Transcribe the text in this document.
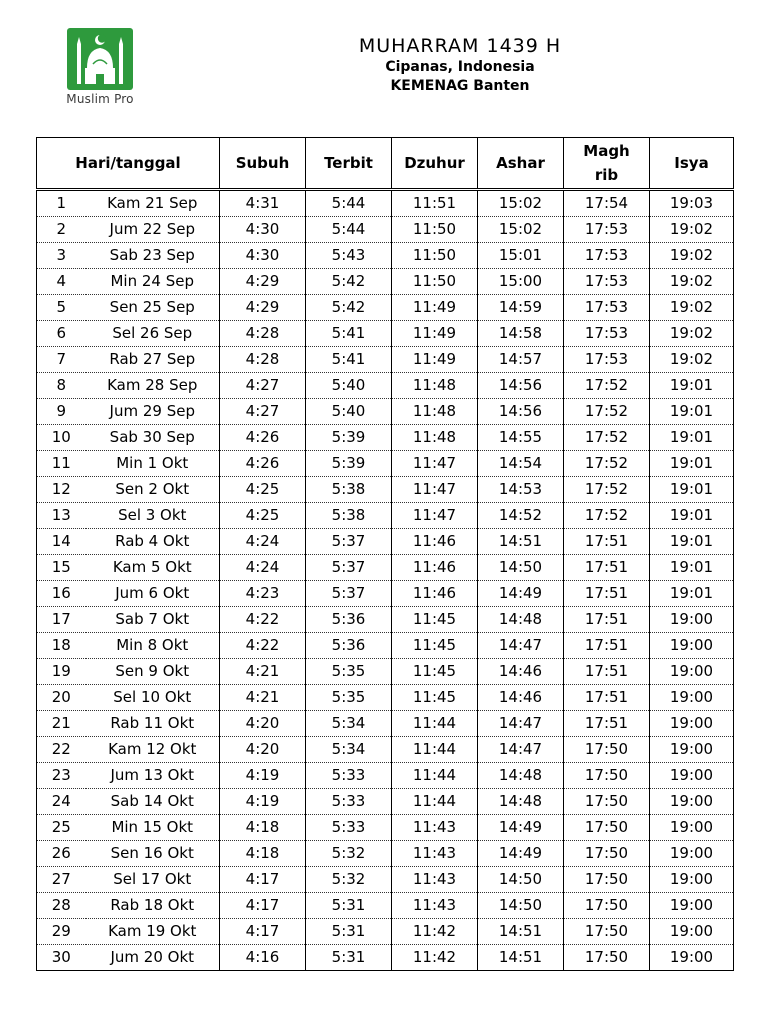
Muslim Pro
MUHARRAM 1439 H
Cipanas, Indonesia
KEMENAG Banten
Hari/tanggal		Subuh	Terbit	Dzuhur	Ashar	Maghrib	Isya
1	Kam 21 Sep	4:31	5:44	11:51	15:02	17:54	19:03
2	Jum 22 Sep	4:30	5:44	11:50	15:02	17:53	19:02
3	Sab 23 Sep	4:30	5:43	11:50	15:01	17:53	19:02
4	Min 24 Sep	4:29	5:42	11:50	15:00	17:53	19:02
5	Sen 25 Sep	4:29	5:42	11:49	14:59	17:53	19:02
6	Sel 26 Sep	4:28	5:41	11:49	14:58	17:53	19:02
7	Rab 27 Sep	4:28	5:41	11:49	14:57	17:53	19:02
8	Kam 28 Sep	4:27	5:40	11:48	14:56	17:52	19:01
9	Jum 29 Sep	4:27	5:40	11:48	14:56	17:52	19:01
10	Sab 30 Sep	4:26	5:39	11:48	14:55	17:52	19:01
11	Min 1 Okt	4:26	5:39	11:47	14:54	17:52	19:01
12	Sen 2 Okt	4:25	5:38	11:47	14:53	17:52	19:01
13	Sel 3 Okt	4:25	5:38	11:47	14:52	17:52	19:01
14	Rab 4 Okt	4:24	5:37	11:46	14:51	17:51	19:01
15	Kam 5 Okt	4:24	5:37	11:46	14:50	17:51	19:01
16	Jum 6 Okt	4:23	5:37	11:46	14:49	17:51	19:01
17	Sab 7 Okt	4:22	5:36	11:45	14:48	17:51	19:00
18	Min 8 Okt	4:22	5:36	11:45	14:47	17:51	19:00
19	Sen 9 Okt	4:21	5:35	11:45	14:46	17:51	19:00
20	Sel 10 Okt	4:21	5:35	11:45	14:46	17:51	19:00
21	Rab 11 Okt	4:20	5:34	11:44	14:47	17:51	19:00
22	Kam 12 Okt	4:20	5:34	11:44	14:47	17:50	19:00
23	Jum 13 Okt	4:19	5:33	11:44	14:48	17:50	19:00
24	Sab 14 Okt	4:19	5:33	11:44	14:48	17:50	19:00
25	Min 15 Okt	4:18	5:33	11:43	14:49	17:50	19:00
26	Sen 16 Okt	4:18	5:32	11:43	14:49	17:50	19:00
27	Sel 17 Okt	4:17	5:32	11:43	14:50	17:50	19:00
28	Rab 18 Okt	4:17	5:31	11:43	14:50	17:50	19:00
29	Kam 19 Okt	4:17	5:31	11:42	14:51	17:50	19:00
30	Jum 20 Okt	4:16	5:31	11:42	14:51	17:50	19:00
